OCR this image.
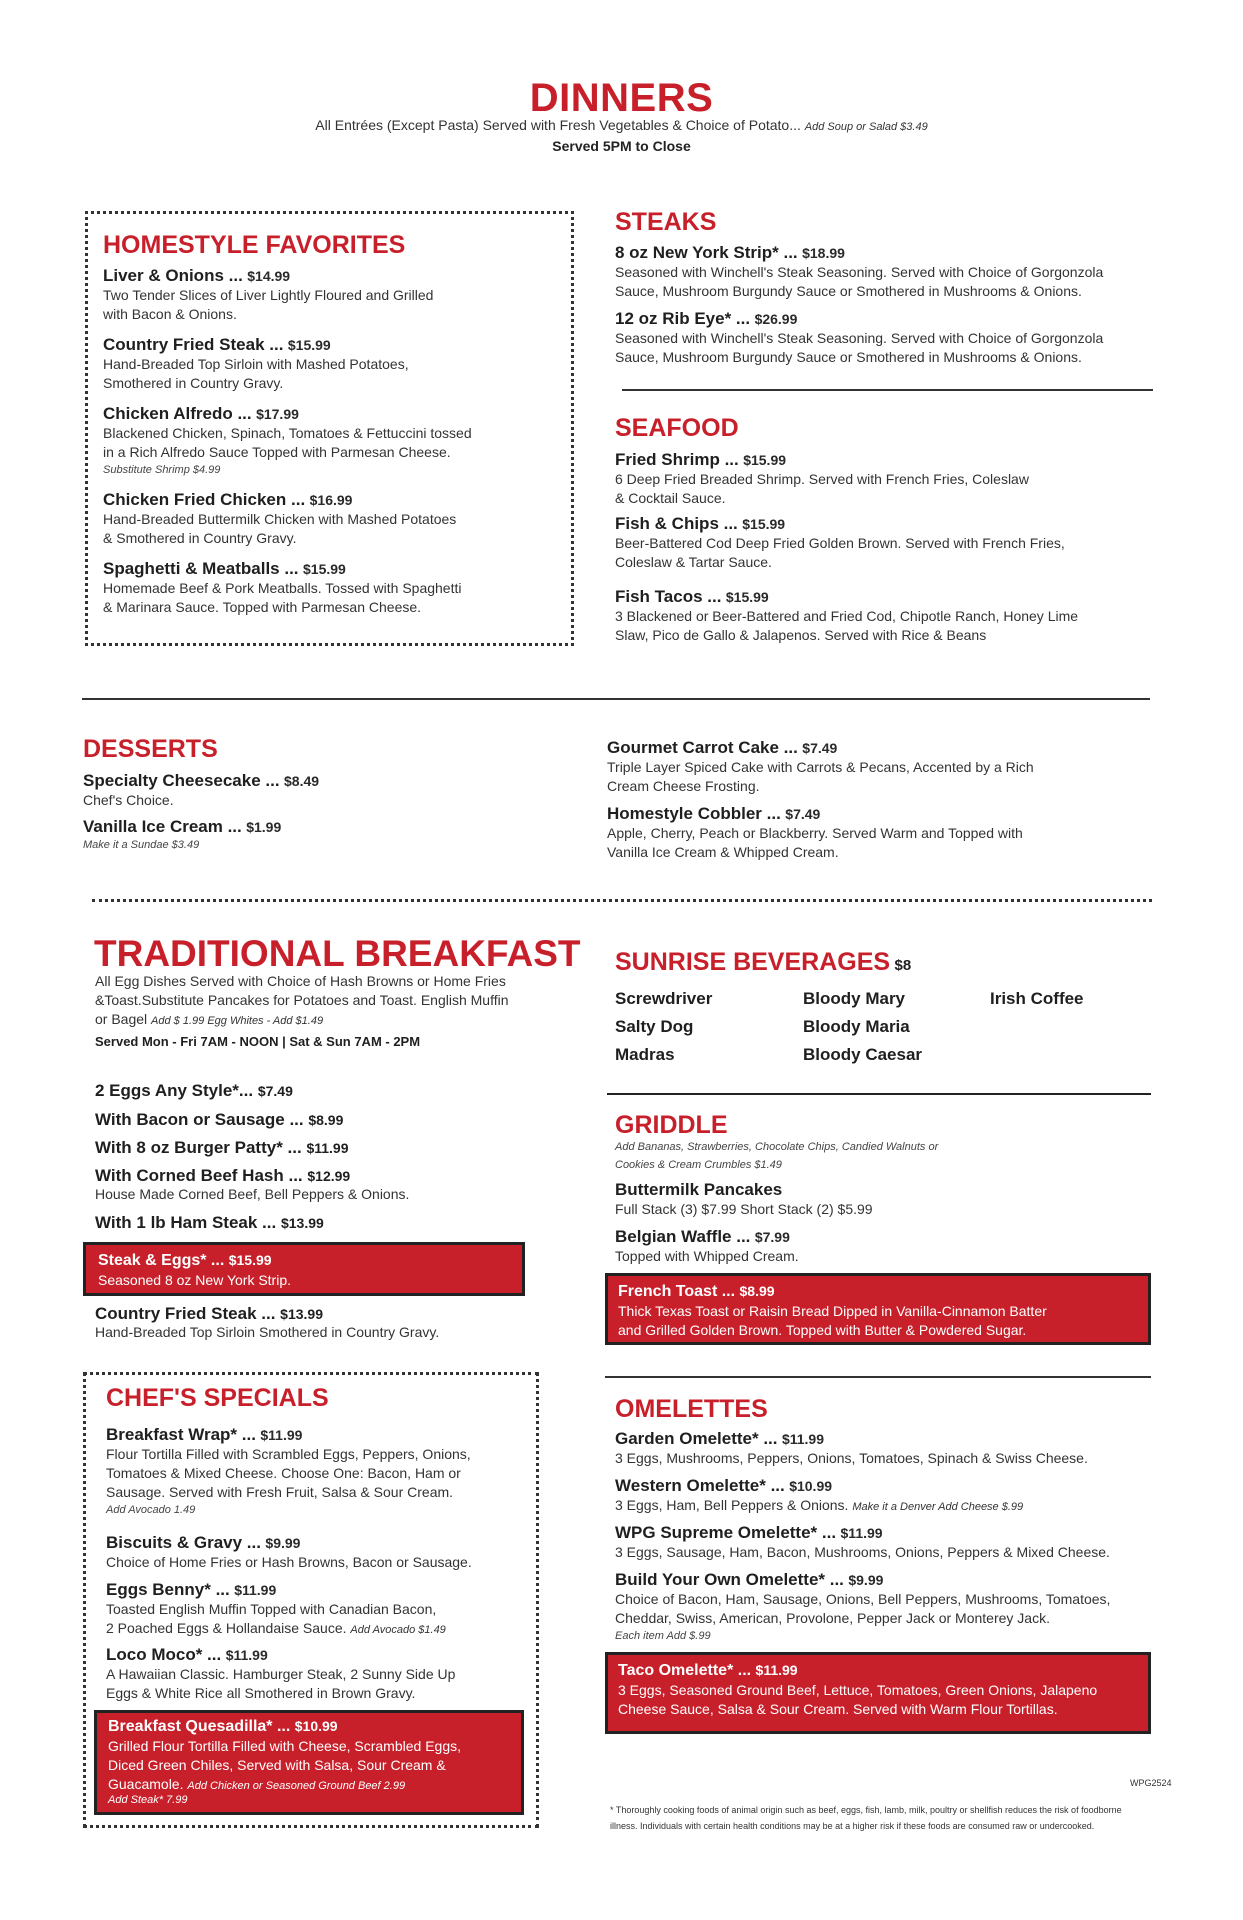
DINNERS
All Entrées (Except Pasta) Served with Fresh Vegetables & Choice of Potato... Add Soup or Salad $3.49
Served 5PM to Close
HOMESTYLE FAVORITES
Liver & Onions ... $14.99
Two Tender Slices of Liver Lightly Floured and Grilled
with Bacon & Onions.
Country Fried Steak ... $15.99
Hand-Breaded Top Sirloin with Mashed Potatoes,
Smothered in Country Gravy.
Chicken Alfredo ... $17.99
Blackened Chicken, Spinach, Tomatoes & Fettuccini tossed
in a Rich Alfredo Sauce Topped with Parmesan Cheese.
Substitute Shrimp $4.99
Chicken Fried Chicken ... $16.99
Hand-Breaded Buttermilk Chicken with Mashed Potatoes
& Smothered in Country Gravy.
Spaghetti & Meatballs ... $15.99
Homemade Beef & Pork Meatballs. Tossed with Spaghetti
& Marinara Sauce. Topped with Parmesan Cheese.
STEAKS
8 oz New York Strip* ... $18.99
Seasoned with Winchell's Steak Seasoning. Served with Choice of Gorgonzola
Sauce, Mushroom Burgundy Sauce or Smothered in Mushrooms & Onions.
12 oz Rib Eye* ... $26.99
Seasoned with Winchell's Steak Seasoning. Served with Choice of Gorgonzola
Sauce, Mushroom Burgundy Sauce or Smothered in Mushrooms & Onions.
SEAFOOD
Fried Shrimp ... $15.99
6 Deep Fried Breaded Shrimp. Served with French Fries, Coleslaw
& Cocktail Sauce.
Fish & Chips ... $15.99
Beer-Battered Cod Deep Fried Golden Brown. Served with French Fries,
Coleslaw & Tartar Sauce.
Fish Tacos ... $15.99
3 Blackened or Beer-Battered and Fried Cod, Chipotle Ranch, Honey Lime
Slaw, Pico de Gallo & Jalapenos. Served with Rice & Beans
DESSERTS
Specialty Cheesecake ... $8.49
Chef's Choice.
Vanilla Ice Cream ... $1.99
Make it a Sundae $3.49
Gourmet Carrot Cake ... $7.49
Triple Layer Spiced Cake with Carrots & Pecans, Accented by a Rich
Cream Cheese Frosting.
Homestyle Cobbler ... $7.49
Apple, Cherry, Peach or Blackberry. Served Warm and Topped with
Vanilla Ice Cream & Whipped Cream.
TRADITIONAL BREAKFAST
All Egg Dishes Served with Choice of Hash Browns or Home Fries
&Toast.Substitute Pancakes for Potatoes and Toast. English Muffin
or Bagel Add $ 1.99 Egg Whites - Add $1.49
Served Mon - Fri 7AM - NOON | Sat & Sun 7AM - 2PM
2 Eggs Any Style*... $7.49
With Bacon or Sausage ... $8.99
With 8 oz Burger Patty* ... $11.99
With Corned Beef Hash ... $12.99
House Made Corned Beef, Bell Peppers & Onions.
With 1 lb Ham Steak ... $13.99
Steak & Eggs* ... $15.99
Seasoned 8 oz New York Strip.
Country Fried Steak ... $13.99
Hand-Breaded Top Sirloin Smothered in Country Gravy.
SUNRISE BEVERAGES $8
Screwdriver
Salty Dog
Madras
Bloody Mary
Bloody Maria
Bloody Caesar
Irish Coffee
GRIDDLE
Add Bananas, Strawberries, Chocolate Chips, Candied Walnuts or
Cookies & Cream Crumbles $1.49
Buttermilk Pancakes
Full Stack (3) $7.99 Short Stack (2) $5.99
Belgian Waffle ... $7.99
Topped with Whipped Cream.
French Toast ... $8.99
Thick Texas Toast or Raisin Bread Dipped in Vanilla-Cinnamon Batter
and Grilled Golden Brown. Topped with Butter & Powdered Sugar.
CHEF'S SPECIALS
Breakfast Wrap* ... $11.99
Flour Tortilla Filled with Scrambled Eggs, Peppers, Onions,
Tomatoes & Mixed Cheese. Choose One: Bacon, Ham or
Sausage. Served with Fresh Fruit, Salsa & Sour Cream.
Add Avocado 1.49
Biscuits & Gravy ... $9.99
Choice of Home Fries or Hash Browns, Bacon or Sausage.
Eggs Benny* ... $11.99
Toasted English Muffin Topped with Canadian Bacon,
2 Poached Eggs & Hollandaise Sauce. Add Avocado $1.49
Loco Moco* ... $11.99
A Hawaiian Classic. Hamburger Steak, 2 Sunny Side Up
Eggs & White Rice all Smothered in Brown Gravy.
Breakfast Quesadilla* ... $10.99
Grilled Flour Tortilla Filled with Cheese, Scrambled Eggs,
Diced Green Chiles, Served with Salsa, Sour Cream &
Guacamole. Add Chicken or Seasoned Ground Beef 2.99
Add Steak* 7.99
OMELETTES
Garden Omelette* ... $11.99
3 Eggs, Mushrooms, Peppers, Onions, Tomatoes, Spinach & Swiss Cheese.
Western Omelette* ... $10.99
3 Eggs, Ham, Bell Peppers & Onions. Make it a Denver Add Cheese $.99
WPG Supreme Omelette* ... $11.99
3 Eggs, Sausage, Ham, Bacon, Mushrooms, Onions, Peppers & Mixed Cheese.
Build Your Own Omelette* ... $9.99
Choice of Bacon, Ham, Sausage, Onions, Bell Peppers, Mushrooms, Tomatoes,
Cheddar, Swiss, American, Provolone, Pepper Jack or Monterey Jack.
Each item Add $.99
Taco Omelette* ... $11.99
3 Eggs, Seasoned Ground Beef, Lettuce, Tomatoes, Green Onions, Jalapeno
Cheese Sauce, Salsa & Sour Cream. Served with Warm Flour Tortillas.
WPG2524
* Thoroughly cooking foods of animal origin such as beef, eggs, fish, lamb, milk, poultry or shellfish reduces the risk of foodborne
illness. Individuals with certain health conditions may be at a higher risk if these foods are consumed raw or undercooked.
